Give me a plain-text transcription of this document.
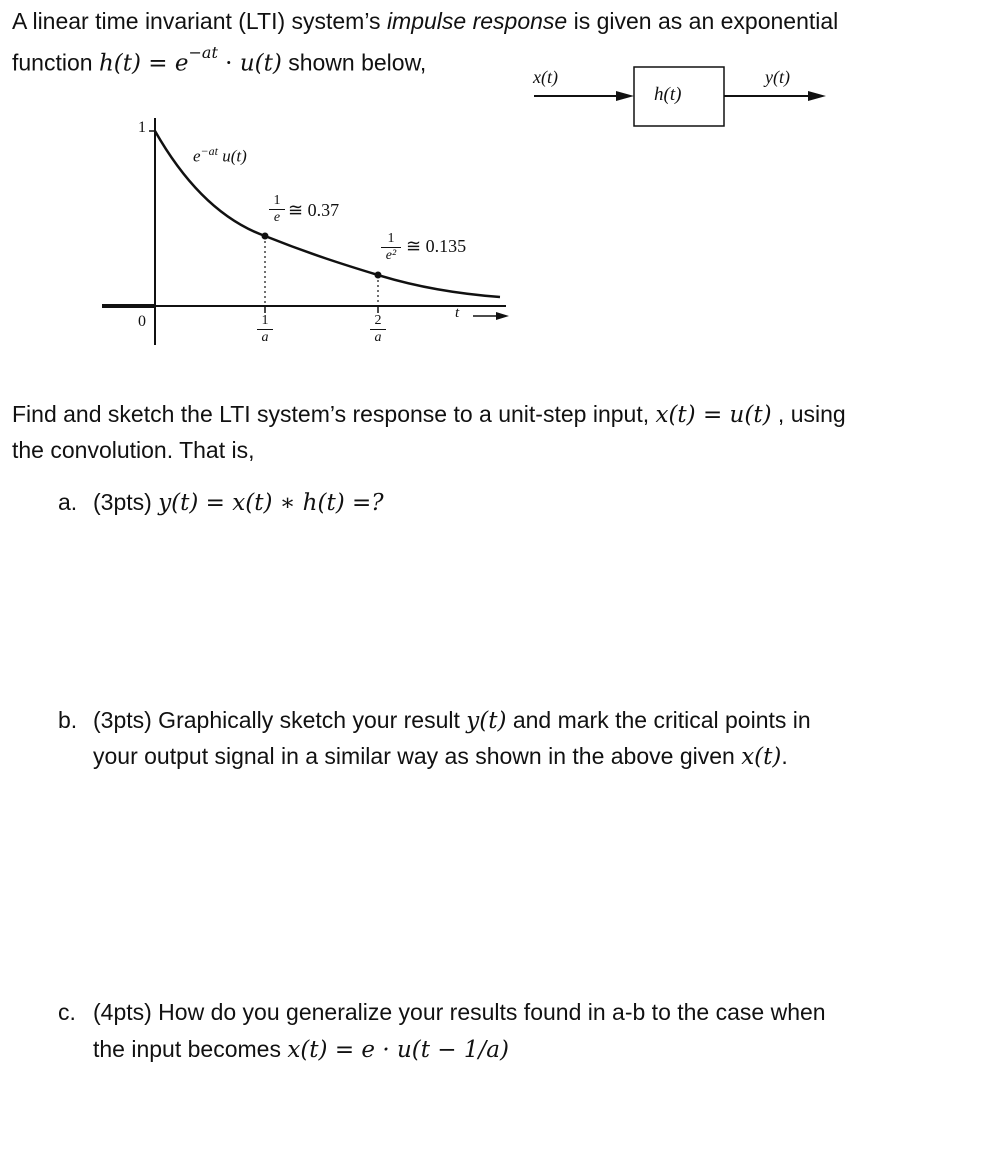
A linear time invariant (LTI) system’s impulse response is given as an exponential
function $h(t) = e^{-at} \cdot u(t)$ shown below,
x(t)
h(t)
y(t)
1
0
$e^{-at}$ u(t)
1
e ≅ 0.37
1
e² ≅ 0.135
1
a
2
a
t
Find and sketch the LTI system’s response to a unit-step input, x(t) = u(t) , using
the convolution. That is,
a. (3pts) y(t) = x(t) ∗ h(t) =?
b. (3pts) Graphically sketch your result y(t) and mark the critical points in
your output signal in a similar way as shown in the above given x(t).
c. (4pts) How do you generalize your results found in a-b to the case when
the input becomes x(t) = e · u(t − 1/a)
